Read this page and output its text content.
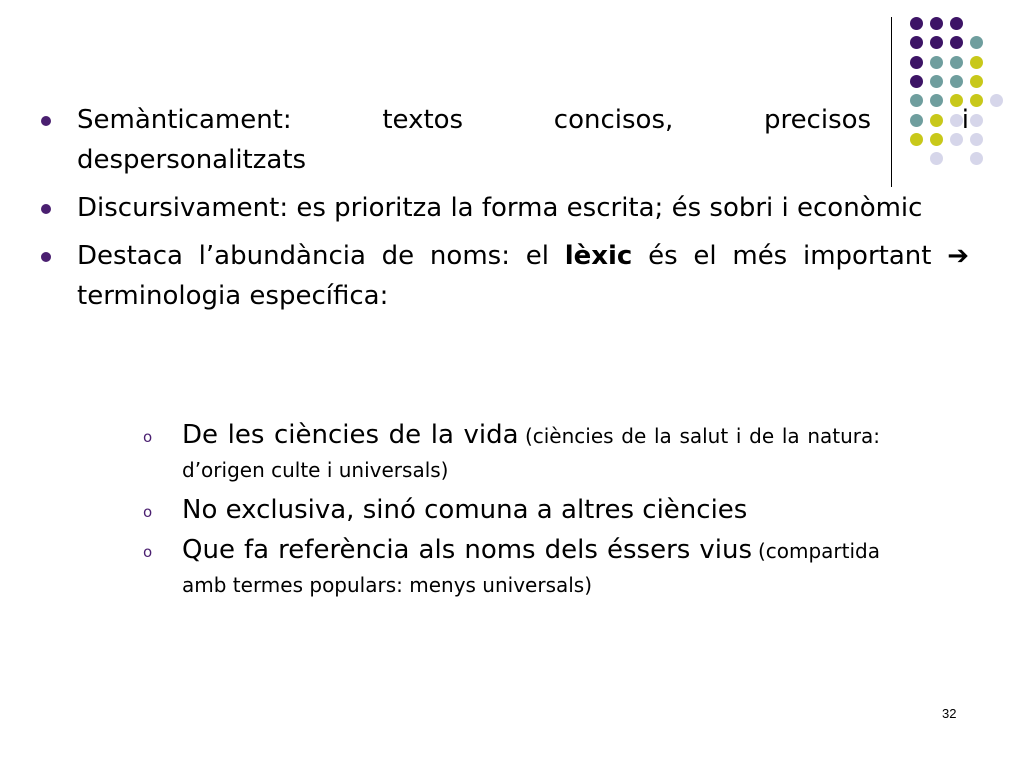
Semànticament: textos concisos, precisos i
despersonalitzats
Discursivament: es prioritza la forma escrita; és sobri i econòmic
Destaca l’abundància de noms: el lèxic és el més important ➔ terminologia específica:
o De les ciències de la vida (ciències de la salut i de la natura: d’origen culte i universals)
o No exclusiva, sinó comuna a altres ciències
o Que fa referència als noms dels éssers vius (compartida amb termes populars: menys universals)
32
